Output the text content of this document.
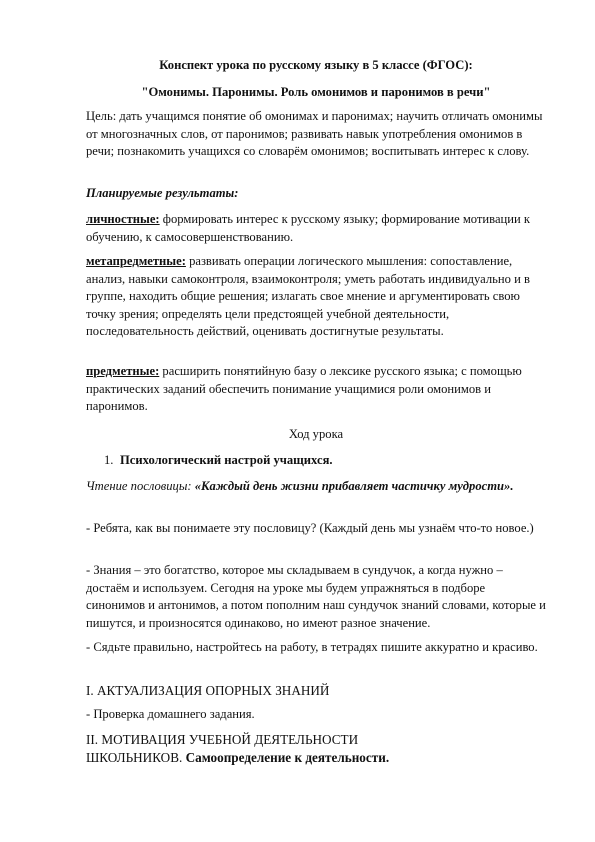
Конспект урока по русскому языку в 5 классе (ФГОС):

"Омонимы. Паронимы. Роль омонимов и паронимов в речи"

Цель: дать учащимся понятие об омонимах и паронимах; научить отличать омонимы от многозначных слов, от паронимов; развивать навык употребления омонимов в речи; познакомить учащихся со словарём омонимов; воспитывать интерес к слову.

Планируемые результаты:

личностные: формировать интерес к русскому языку; формирование мотивации к обучению, к самосовершенствованию.

метапредметные: развивать операции логического мышления: сопоставление, анализ, навыки самоконтроля, взаимоконтроля; уметь работать индивидуально и в группе, находить общие решения; излагать свое мнение и аргументировать свою точку зрения; определять цели предстоящей учебной деятельности, последовательность действий, оценивать достигнутые результаты.

предметные: расширить понятийную базу о лексике русского языка; с помощью практических заданий обеспечить понимание учащимися роли омонимов и паронимов.

Ход урока

1. Психологический настрой учащихся.

Чтение пословицы: «Каждый день жизни прибавляет частичку мудрости».

- Ребята, как вы понимаете эту пословицу? (Каждый день мы узнаём что-то новое.)

- Знания – это богатство, которое мы складываем в сундучок, а когда нужно – достаём и используем. Сегодня на уроке мы будем упражняться в подборе синонимов и антонимов, а потом пополним наш сундучок знаний словами, которые и пишутся, и произносятся одинаково, но имеют разное значение.

- Сядьте правильно, настройтесь на работу, в тетрадях пишите аккуратно и красиво.

I. АКТУАЛИЗАЦИЯ ОПОРНЫХ ЗНАНИЙ

- Проверка домашнего задания.

II. МОТИВАЦИЯ УЧЕБНОЙ ДЕЯТЕЛЬНОСТИ ШКОЛЬНИКОВ. Самоопределение к деятельности.
